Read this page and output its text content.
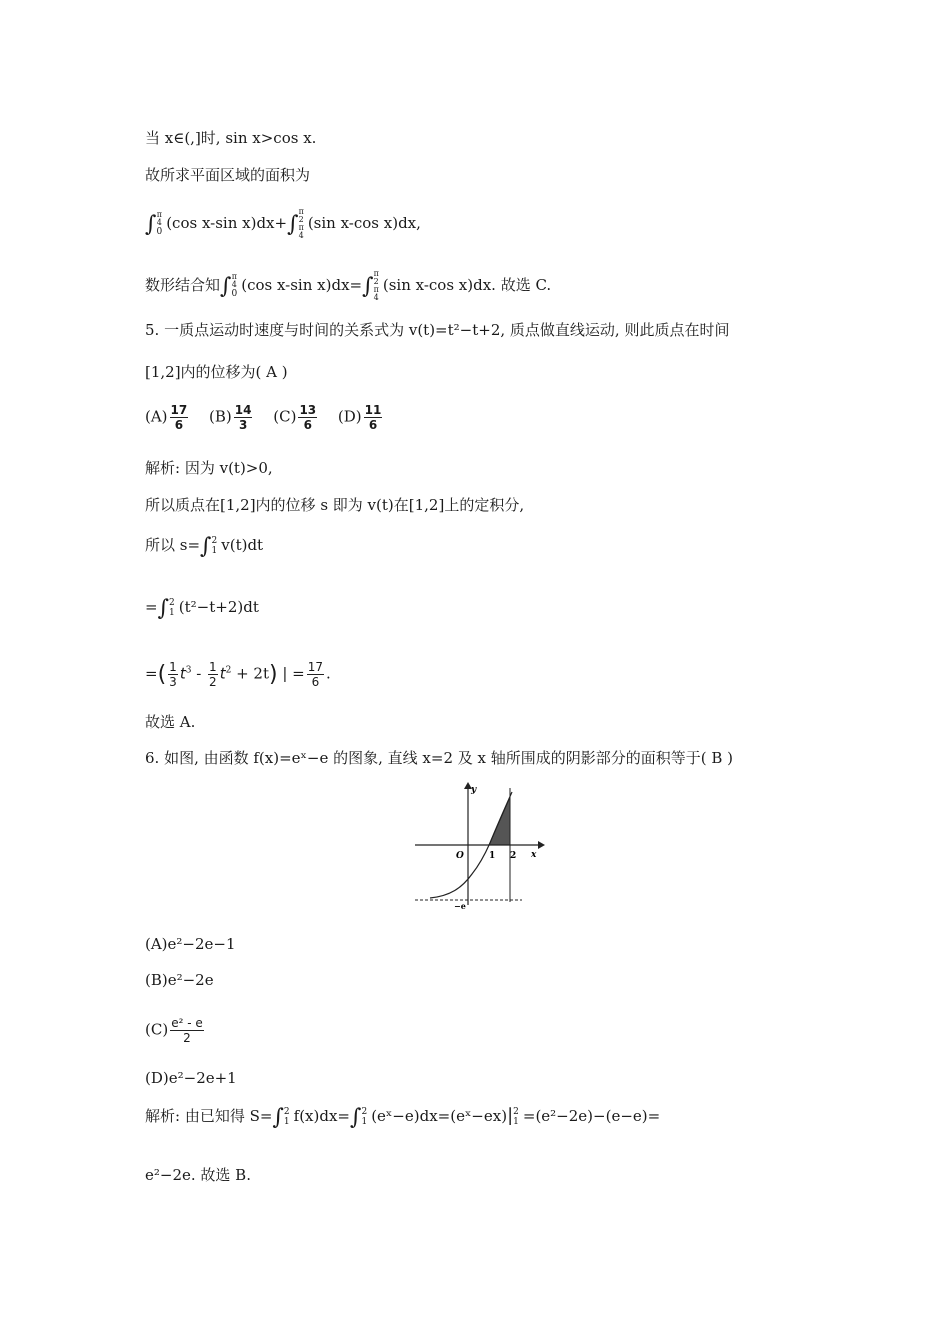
当 x∈(,]时, sin x>cos x.
故所求平面区域的面积为
∫ π
4
0 (cos x-sin x)dx+∫
π
2
π
4
(sin x-cos x)dx,
数形结合知∫ π
4
0 (cos x-sin x)dx=∫
π
2
π
4
(sin x-cos x)dx. 故选 C.
5. 一质点运动时速度与时间的关系式为 v(t)=t²−t+2, 质点做直线运动, 则此质点在时间
[1,2]内的位移为( A )
$(A) \frac{17}{6} (B) \frac{14}{3} (C) \frac{13}{6} (D) \frac{11}{6}$
解析: 因为 v(t)>0,
所以质点在[1,2]内的位移 s 即为 v(t)在[1,2]上的定积分,
所以 s=∫ 2
1 v(t)dt
=∫ 2
1 (t²−t+2)dt
=( $\frac{1}{3} t^3 - \frac{1}{2} t^2 + 2t$) | = $\frac{17}{6}$ .
故选 A.
6. 如图, 由函数 f(x)=eˣ−e 的图象, 直线 x=2 及 x 轴所围成的阴影部分的面积等于( B )
y
x
O	1 2
−e
(A)e²−2e−1
(B)e²−2e
$(C) \frac{\text{e² - e}}{2}$
(D)e²−2e+1
解析: 由已知得 S=∫ 2
1 f(x)dx=∫ 2
1 (eˣ−e)dx=(eˣ−ex)| 2
1 =(e²−2e)−(e−e)=
e²−2e. 故选 B.
